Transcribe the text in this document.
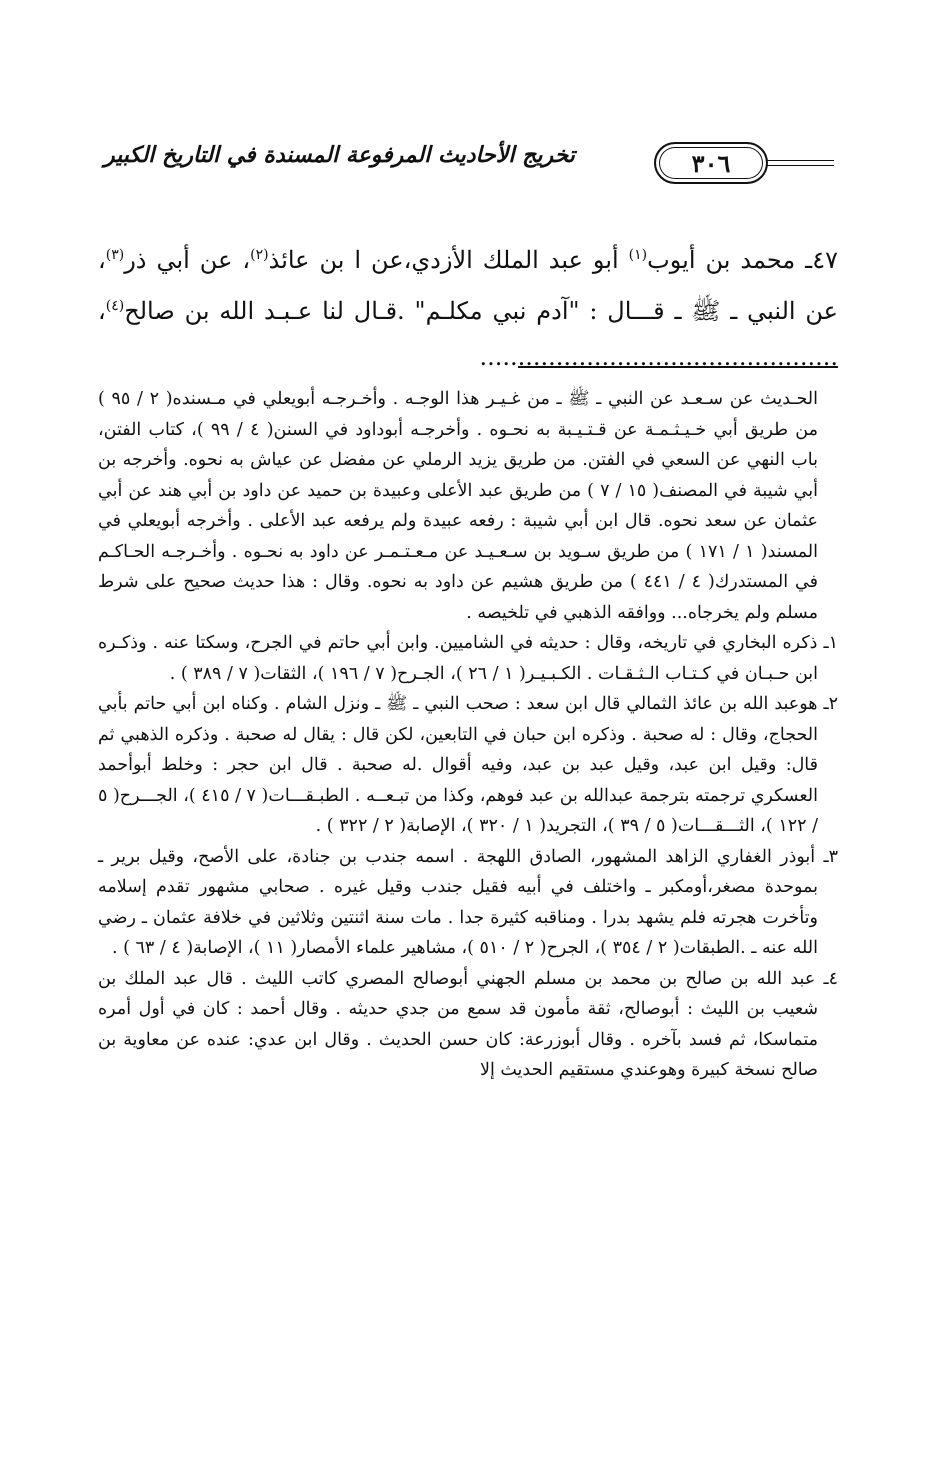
٣٠٦
تخريج الأحاديث المرفوعة المسندة في التاريخ الكبير

٤٧ـ محمد بن أيوب$^{(١)}$ أبو عبد الملك الأزدي،عن ا بن عائذ$^{(٢)}$، عن أبي ذر$^{(٣)}$، عن النبي ـ ﷺ ـ قـــال : "آدم نبي مكلـم" .قـال لنا عـبـد الله بن صالح$^{(٤)}$، ...............................................

الحـديث عن سـعـد عن النبي ـ ﷺ ـ من غـيـر هذا الوجـه . وأخـرجـه أبويعلي في مـسنده( ٢ / ٩٥ ) من طريق أبي خـيـثـمـة عن قـتـيـبة به نحـوه . وأخرجـه أبوداود في السنن( ٤ / ٩٩ )، كتاب الفتن، باب النهي عن السعي في الفتن. من طريق يزيد الرملي عن مفضل عن عياش به نحوه. وأخرجه بن أبي شيبة في المصنف( ١٥ / ٧ ) من طريق عبد الأعلى وعبيدة بن حميد عن داود بن أبي هند عن أبي عثمان عن سعد نحوه. قال ابن أبي شيبة : رفعه عبيدة ولم يرفعه عبد الأعلى . وأخرجه أبويعلي في المسند( ١ / ١٧١ ) من طريق سـويد بن سـعـيـد عن مـعـتـمـر عن داود به نحـوه . وأخـرجـه الحـاكـم في المستدرك( ٤ / ٤٤١ ) من طريق هشيم عن داود به نحوه. وقال : هذا حديث صحيح على شرط مسلم ولم يخرجاه... ووافقه الذهبي في تلخيصه .

١ـ ذكره البخاري في تاريخه، وقال : حديثه في الشاميين. وابن أبي حاتم في الجرح، وسكتا عنه . وذكـره ابن حـبـان في كـتـاب الـثـقـات . الكـبـيـر( ١ / ٢٦ )، الجـرح( ٧ / ١٩٦ )، الثقات( ٧ / ٣٨٩ ) .

٢ـ هوعبد الله بن عائذ الثمالي قال ابن سعد : صحب النبي ـ ﷺ ـ ونزل الشام . وكناه ابن أبي حاتم بأبي الحجاج، وقال : له صحبة . وذكره ابن حبان في التابعين، لكن قال : يقال له صحبة . وذكره الذهبي ثم قال: وقيل ابن عبد، وقيل عبد بن عبد، وفيه أقوال .له صحبة . قال ابن حجر : وخلط أبوأحمد العسكري ترجمته بترجمة عبدالله بن عبد فوهم، وكذا من تبـعــه . الطبـقـــات( ٧ / ٤١٥ )، الجـــرح( ٥ / ١٢٢ )، الثـــقـــات( ٥ / ٣٩ )، التجريد( ١ / ٣٢٠ )، الإصابة( ٢ / ٣٢٢ ) .

٣ـ أبوذر الغفاري الزاهد المشهور، الصادق اللهجة . اسمه جندب بن جنادة، على الأصح، وقيل برير ـ بموحدة مصغر،أومكبر ـ واختلف في أبيه فقيل جندب وقيل غيره . صحابي مشهور تقدم إسلامه وتأخرت هجرته فلم يشهد بدرا . ومناقبه كثيرة جدا . مات سنة اثنتين وثلاثين في خلافة عثمان ـ رضي الله عنه ـ .الطبقات( ٢ / ٣٥٤ )، الجرح( ٢ / ٥١٠ )، مشاهير علماء الأمصار( ١١ )، الإصابة( ٤ / ٦٣ ) .

٤ـ عبد الله بن صالح بن محمد بن مسلم الجهني أبوصالح المصري كاتب الليث . قال عبد الملك بن شعيب بن الليث : أبوصالح، ثقة مأمون قد سمع من جدي حديثه . وقال أحمد : كان في أول أمره متماسكا، ثم فسد بآخره . وقال أبوزرعة: كان حسن الحديث . وقال ابن عدي: عنده عن معاوية بن صالح نسخة كبيرة وهوعندي مستقيم الحديث إلا
